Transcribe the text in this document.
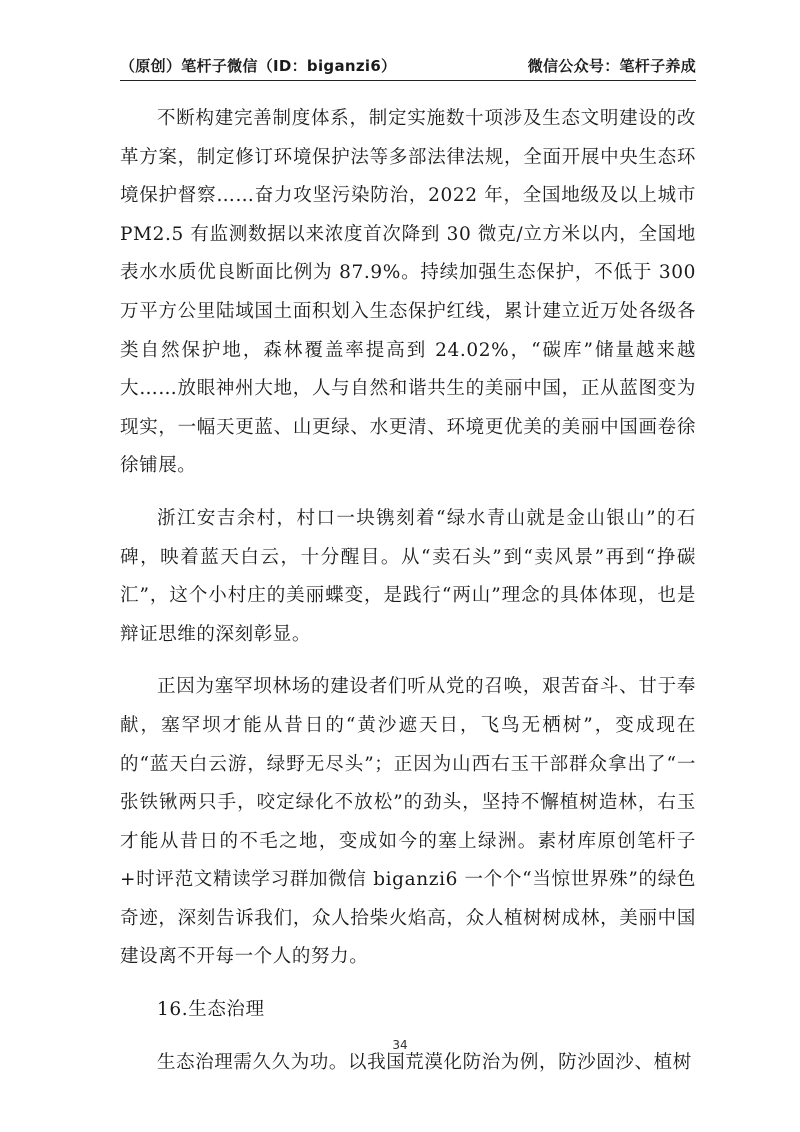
（原创）笔杆子微信（ID：biganzi6）	微信公众号：笔杆子养成

不断构建完善制度体系，制定实施数十项涉及生态文明建设的改革方案，制定修订环境保护法等多部法律法规，全面开展中央生态环境保护督察……奋力攻坚污染防治，2022 年，全国地级及以上城市 PM2.5 有监测数据以来浓度首次降到 30 微克/立方米以内，全国地表水水质优良断面比例为 87.9%。持续加强生态保护，不低于 300 万平方公里陆域国土面积划入生态保护红线，累计建立近万处各级各类自然保护地，森林覆盖率提高到 24.02%，“碳库”储量越来越大……放眼神州大地，人与自然和谐共生的美丽中国，正从蓝图变为现实，一幅天更蓝、山更绿、水更清、环境更优美的美丽中国画卷徐徐铺展。

浙江安吉余村，村口一块镌刻着“绿水青山就是金山银山”的石碑，映着蓝天白云，十分醒目。从“卖石头”到“卖风景”再到“挣碳汇”，这个小村庄的美丽蝶变，是践行“两山”理念的具体体现，也是辩证思维的深刻彰显。

正因为塞罕坝林场的建设者们听从党的召唤，艰苦奋斗、甘于奉献，塞罕坝才能从昔日的“黄沙遮天日，飞鸟无栖树”，变成现在的“蓝天白云游，绿野无尽头”；正因为山西右玉干部群众拿出了“一张铁锹两只手，咬定绿化不放松”的劲头，坚持不懈植树造林，右玉才能从昔日的不毛之地，变成如今的塞上绿洲。素材库原创笔杆子+时评范文精读学习群加微信 biganzi6 一个个“当惊世界殊”的绿色奇迹，深刻告诉我们，众人拾柴火焰高，众人植树树成林，美丽中国建设离不开每一个人的努力。

16.生态治理

生态治理需久久为功。以我国荒漠化防治为例，防沙固沙、植树

34
